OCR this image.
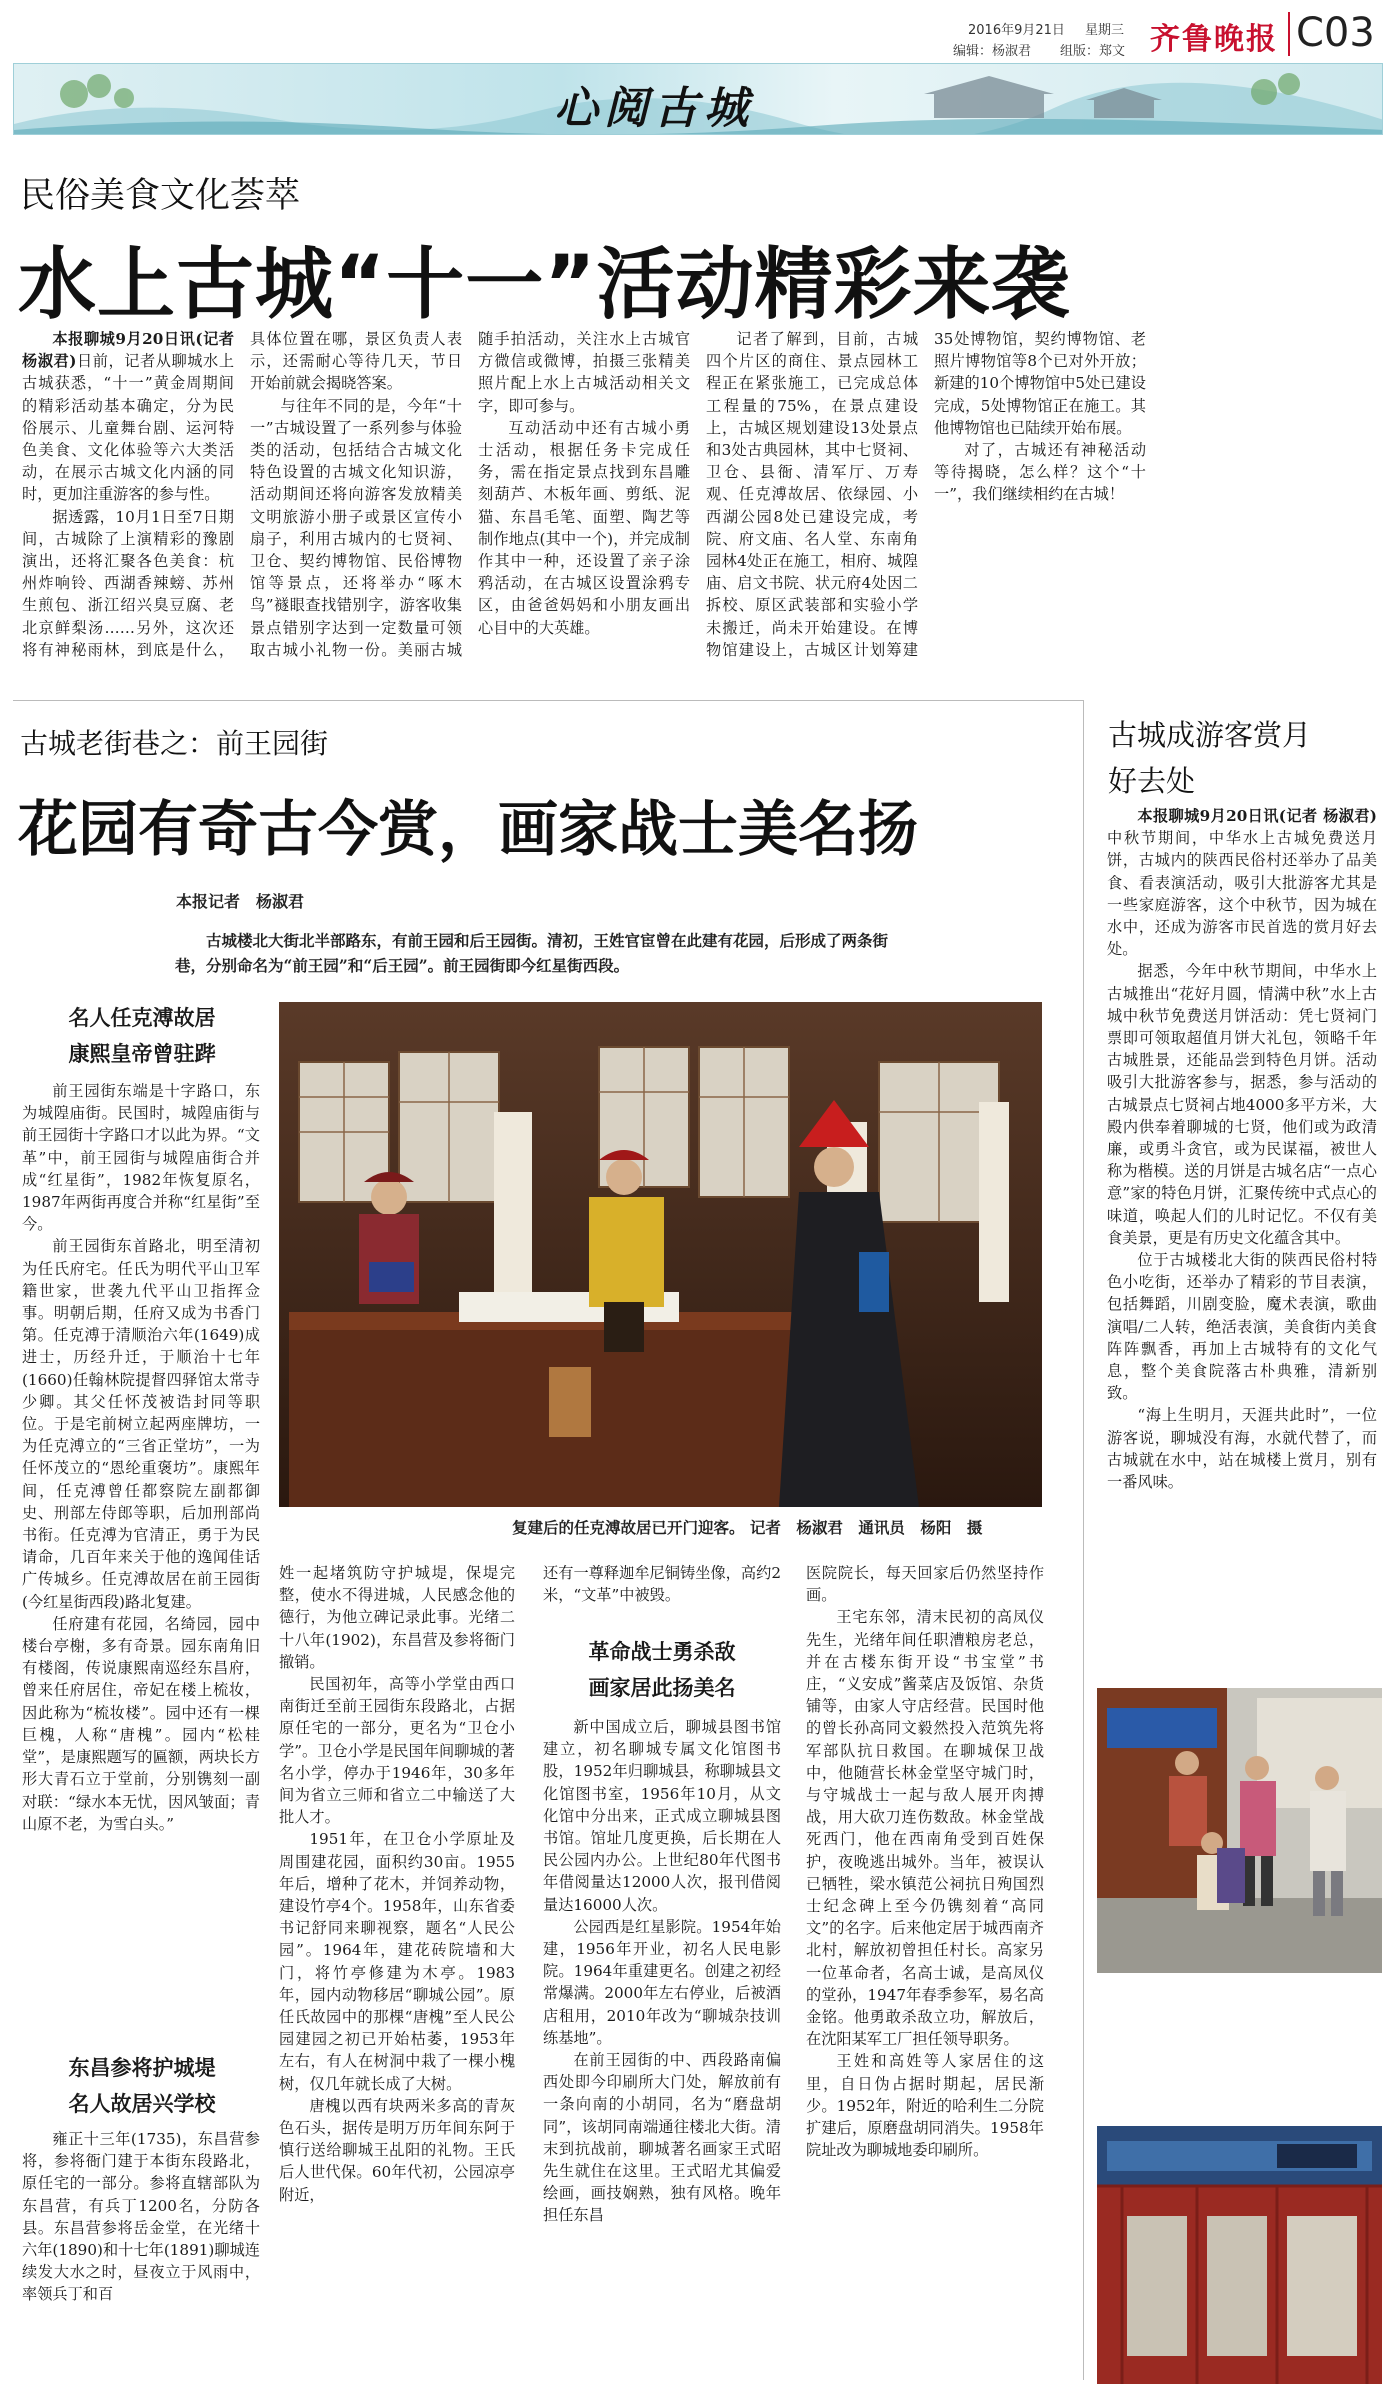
2016年9月21日 星期三
编辑：杨淑君 组版：郑文 齐鲁晚报 C03
心阅古城
民俗美食文化荟萃
水上古城“十一”活动精彩来袭

本报聊城9月20日讯(记者 杨淑君)日前，记者从聊城水上古城获悉，“十一”黄金周期间的精彩活动基本确定，分为民俗展示、儿童舞台剧、运河特色美食、文化体验等六大类活动，在展示古城文化内涵的同时，更加注重游客的参与性。

据透露，10月1日至7日期间，古城除了上演精彩的豫剧演出，还将汇聚各色美食：杭州炸响铃、西湖香辣螃、苏州生煎包、浙江绍兴臭豆腐、老北京鲜梨汤……另外，这次还将有神秘雨林，到底是什么，具体位置在哪，景区负责人表示，还需耐心等待几天，节日开始前就会揭晓答案。

与往年不同的是，今年“十一”古城设置了一系列参与体验类的活动，包括结合古城文化特色设置的古城文化知识游，活动期间还将向游客发放精美文明旅游小册子或景区宣传小扇子，利用古城内的七贤祠、卫仓、契约博物馆、民俗博物馆等景点，还将举办“啄木鸟”襚眼查找错别字，游客收集景点错别字达到一定数量可领取古城小礼物一份。美丽古城随手拍活动，关注水上古城官方微信或微博，拍摄三张精美照片配上水上古城活动相关文字，即可参与。

互动活动中还有古城小勇士活动，根据任务卡完成任务，需在指定景点找到东昌雕刻葫芦、木板年画、剪纸、泥猫、东昌毛笔、面塑、陶艺等制作地点(其中一个)，并完成制作其中一种，还设置了亲子涂鸦活动，在古城区设置涂鸦专区，由爸爸妈妈和小朋友画出心目中的大英雄。

记者了解到，目前，古城四个片区的商住、景点园林工程正在紧张施工，已完成总体工程量的75%，在景点建设上，古城区规划建设13处景点和3处古典园林，其中七贤祠、卫仓、县衙、清军厅、万寿观、任克溥故居、依绿园、小西湖公园8处已建设完成，考院、府文庙、名人堂、东南角园林4处正在施工，相府、城隍庙、启文书院、状元府4处因二拆校、原区武装部和实验小学未搬迁，尚未开始建设。在博物馆建设上，古城区计划筹建35处博物馆，契约博物馆、老照片博物馆等8个已对外开放；新建的10个博物馆中5处已建设完成，5处博物馆正在施工。其他博物馆也已陆续开始布展。

对了，古城还有神秘活动等待揭晓，怎么样？这个“十一”，我们继续相约在古城！

古城老街巷之：前王园街
花园有奇古今赏，画家战士美名扬
本报记者　杨淑君
古城楼北大街北半部路东，有前王园和后王园街。清初，王姓官宦曾在此建有花园，后形成了两条街巷，分别命名为“前王园”和“后王园”。前王园街即今红星街西段。
复建后的任克溥故居已开门迎客。 记者　杨淑君　通讯员　杨阳　摄
名人任克溥故居
康熙皇帝曾驻跸

前王园街东端是十字路口，东为城隍庙街。民国时，城隍庙街与前王园街十字路口才以此为界。“文革”中，前王园街与城隍庙街合并成“红星街”，1982年恢复原名，1987年两街再度合并称“红星街”至今。

前王园街东首路北，明至清初为任氏府宅。任氏为明代平山卫军籍世家，世袭九代平山卫指挥佥事。明朝后期，任府又成为书香门第。任克溥于清顺治六年(1649)成进士，历经升迁，于顺治十七年(1660)任翰林院提督四驿馆太常寺少卿。其父任怀茂被诰封同等职位。于是宅前树立起两座牌坊，一为任克溥立的“三省正堂坊”，一为任怀茂立的“恩纶重褒坊”。康熙年间，任克溥曾任都察院左副都御史、刑部左侍郎等职，后加刑部尚书衔。任克溥为官清正，勇于为民请命，几百年来关于他的逸闻佳话广传城乡。任克溥故居在前王园街(今红星街西段)路北复建。

任府建有花园，名绮园，园中楼台亭榭，多有奇景。园东南角旧有楼阁，传说康熙南巡经东昌府，曾来任府居住，帝妃在楼上梳妆，因此称为“梳妆楼”。园中还有一棵巨槐，人称“唐槐”。园内“松桂堂”，是康熙题写的匾额，两块长方形大青石立于堂前，分别镌刻一副对联：“绿水本无忧，因风皱面；青山原不老，为雪白头。”

东昌参将护城堤
名人故居兴学校

雍正十三年(1735)，东昌营参将，参将衙门建于本街东段路北，原任宅的一部分。参将直辖部队为东昌营，有兵丁1200名，分防各县。东昌营参将岳金堂，在光绪十六年(1890)和十七年(1891)聊城连续发大水之时，昼夜立于风雨中，率领兵丁和百

姓一起堵筑防守护城堤，保堤完整，使水不得进城，人民感念他的德行，为他立碑记录此事。光绪二十八年(1902)，东昌营及参将衙门撤销。

民国初年，高等小学堂由西口南街迁至前王园街东段路北，占据原任宅的一部分，更名为“卫仓小学”。卫仓小学是民国年间聊城的著名小学，停办于1946年，30多年间为省立三师和省立二中输送了大批人才。

1951年，在卫仓小学原址及周围建花园，面积约30亩。1955年后，增种了花木，并饲养动物，建设竹亭4个。1958年，山东省委书记舒同来聊视察，题名“人民公园”。1964年，建花砖院墙和大门，将竹亭修建为木亭。1983年，园内动物移居“聊城公园”。原任氏故园中的那棵“唐槐”至人民公园建园之初已开始枯萎，1953年左右，有人在树洞中栽了一棵小槐树，仅几年就长成了大树。

唐槐以西有块两米多高的青灰色石头，据传是明万历年间东阿于慎行送给聊城王乩阳的礼物。王氏后人世代保。60年代初，公园凉亭附近，

还有一尊释迦牟尼铜铸坐像，高约2米，“文革”中被毁。

革命战士勇杀敌
画家居此扬美名

新中国成立后，聊城县图书馆建立，初名聊城专属文化馆图书股，1952年归聊城县，称聊城县文化馆图书室，1956年10月，从文化馆中分出来，正式成立聊城县图书馆。馆址几度更换，后长期在人民公园内办公。上世纪80年代图书年借阅量达12000人次，报刊借阅量达16000人次。

公园西是红星影院。1954年始建，1956年开业，初名人民电影院。1964年重建更名。创建之初经常爆满。2000年左右停业，后被酒店租用，2010年改为“聊城杂技训练基地”。

在前王园街的中、西段路南偏西处即今印刷所大门处，解放前有一条向南的小胡同，名为“磨盘胡同”，该胡同南端通往楼北大街。清末到抗战前，聊城著名画家王式昭先生就住在这里。王式昭尤其偏爱绘画，画技娴熟，独有风格。晚年担任东昌

医院院长，每天回家后仍然坚持作画。

王宅东邻，清末民初的高凤仪先生，光绪年间任职漕粮房老总，并在古楼东街开设“书宝堂”书庄，“义安成”酱菜店及饭馆、杂货铺等，由家人守店经营。民国时他的曾长孙高同文毅然投入范筑先将军部队抗日救国。在聊城保卫战中，他随营长林金堂坚守城门时，与守城战士一起与敌人展开肉搏战，用大砍刀连伤数敌。林金堂战死西门，他在西南角受到百姓保护，夜晚逃出城外。当年，被误认已牺牲，梁水镇范公祠抗日殉国烈士纪念碑上至今仍镌刻着“高同文”的名字。后来他定居于城西南齐北村，解放初曾担任村长。高家另一位革命者，名高士诚，是高凤仪的堂孙，1947年春季参军，易名高金铭。他勇敢杀敌立功，解放后，在沈阳某军工厂担任领导职务。

王姓和高姓等人家居住的这里，自日伪占据时期起，居民渐少。1952年，附近的哈利生二分院扩建后，原磨盘胡同消失。1958年院址改为聊城地委印刷所。

古城成游客赏月
好去处

本报聊城9月20日讯(记者 杨淑君)中秋节期间，中华水上古城免费送月饼，古城内的陕西民俗村还举办了品美食、看表演活动，吸引大批游客尤其是一些家庭游客，这个中秋节，因为城在水中，还成为游客市民首选的赏月好去处。

据悉，今年中秋节期间，中华水上古城推出“花好月圆，情满中秋”水上古城中秋节免费送月饼活动：凭七贤祠门票即可领取超值月饼大礼包，领略千年古城胜景，还能品尝到特色月饼。活动吸引大批游客参与，据悉，参与活动的古城景点七贤祠占地4000多平方米，大殿内供奉着聊城的七贤，他们或为政清廉，或勇斗贪官，或为民谋福，被世人称为楷模。送的月饼是古城名店“一点心意”家的特色月饼，汇聚传统中式点心的味道，唤起人们的儿时记忆。不仅有美食美景，更是有历史文化蕴含其中。

位于古城楼北大街的陕西民俗村特色小吃街，还举办了精彩的节目表演，包括舞蹈，川剧变脸，魔术表演，歌曲演唱/二人转，绝活表演，美食街内美食阵阵飘香，再加上古城特有的文化气息，整个美食院落古朴典雅，清新别致。

“海上生明月，天涯共此时”，一位游客说，聊城没有海，水就代替了，而古城就在水中，站在城楼上赏月，别有一番风味。
